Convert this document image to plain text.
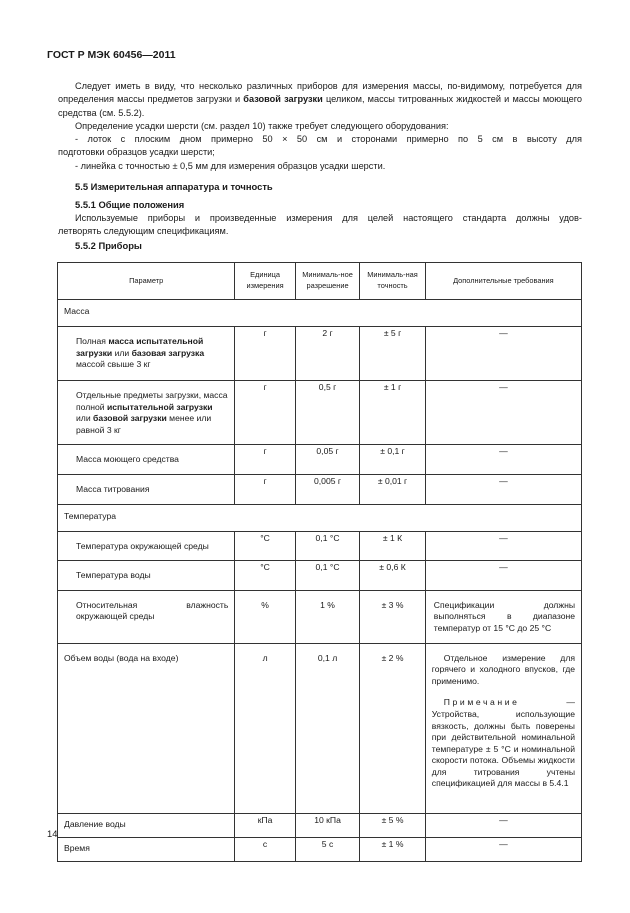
ГОСТ Р МЭК 60456—2011
Следует иметь в виду, что несколько различных приборов для измерения массы, по-видимому, потребуется для определения массы предметов загрузки и базовой загрузки целиком, массы титрованных жидкостей и массы моющего средства (см. 5.5.2).
Определение усадки шерсти (см. раздел 10) также требует следующего оборудования:
- лоток с плоским дном примерно 50 × 50 см и сторонами примерно по 5 см в высоту для
подготовки образцов усадки шерсти;
- линейка с точностью ± 0,5 мм для измерения образцов усадки шерсти.
5.5 Измерительная аппаратура и точность
5.5.1 Общие положения
Используемые приборы и произведенные измерения для целей настоящего стандарта должны удов-
летворять следующим спецификациям.
5.5.2 Приборы
Параметр	Единица измерения	Минималь-ное разрешение	Минималь-ная точность	Дополнительные требования
Масса				
Полная масса испытательной загрузки или базовая загрузка массой свыше 3 кг	г	2 г	± 5 г	—
Отдельные предметы загрузки, масса полной испытательной загрузки или базовой загрузки менее или равной 3 кг	г	0,5 г	± 1 г	—
Масса моющего средства	г	0,05 г	± 0,1 г	—
Масса титрования	г	0,005 г	± 0,01 г	—
Температура				
Температура окружающей среды	°С	0,1 °С	± 1 К	—
Температура воды	°С	0,1 °С	± 0,6 К	—
Относительная влажность окружающей среды	%	1 %	± 3 %	Спецификации должны выполняться в диапазоне температур от 15 °С до 25 °С
Объем воды (вода на входе)	л	0,1 л	± 2 %	Отдельное измерение для горячего и холодного впусков, где применимо.
Примечание — Устройства, использующие вязкость, должны быть поверены при действительной номинальной температуре ± 5 °С и номинальной скорости потока. Объемы жидкости для титрования учтены спецификацией для массы в 5.4.1

Давление воды	кПа	10 кПа	± 5 %	—
Время	с	5 с	± 1 %	—
14
